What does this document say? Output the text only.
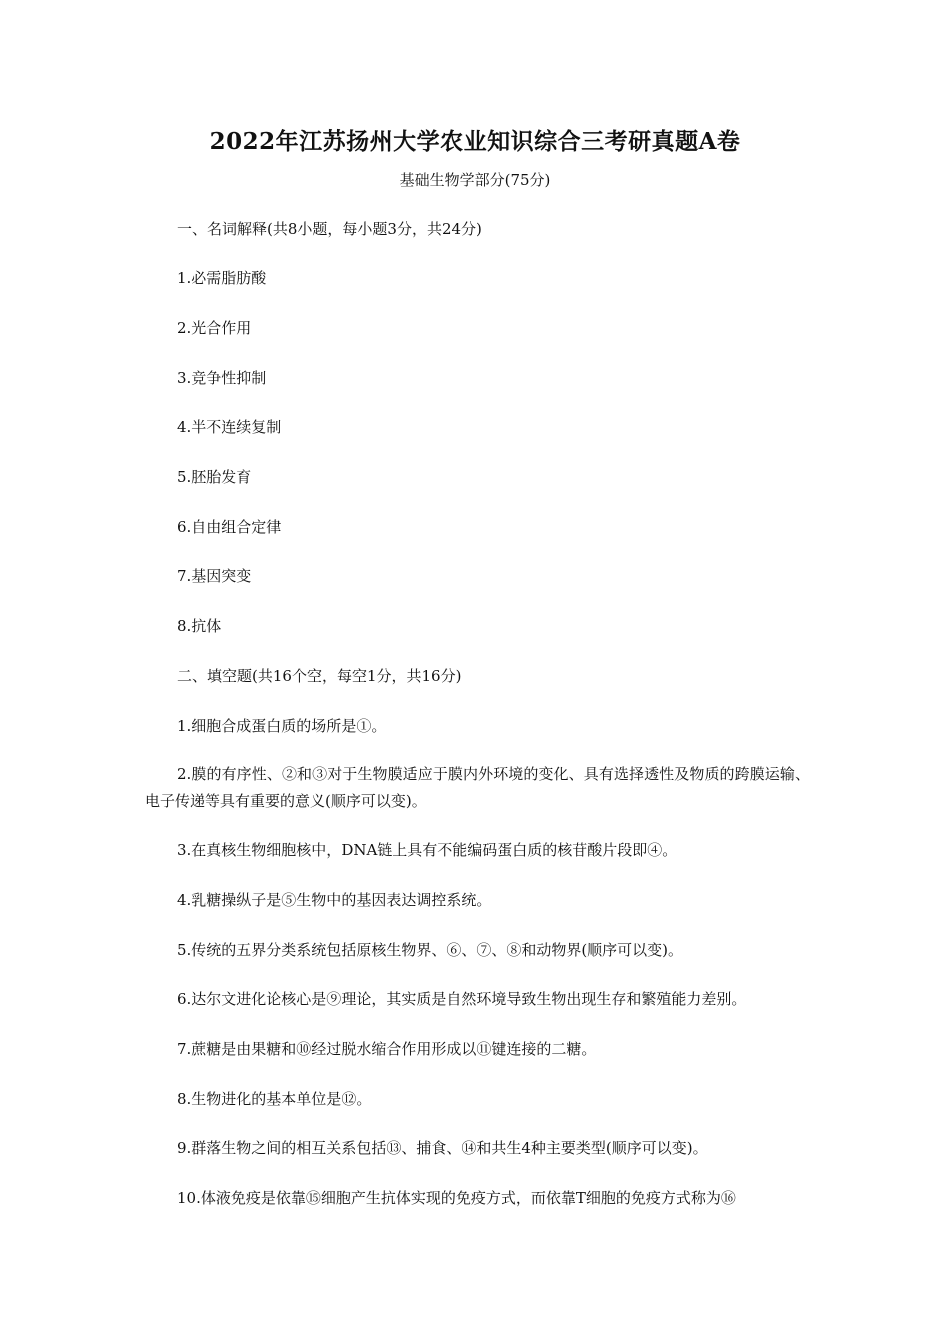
2022年江苏扬州大学农业知识综合三考研真题A卷
基础生物学部分(75分)
一、名词解释(共8小题，每小题3分，共24分)
1.必需脂肪酸
2.光合作用
3.竞争性抑制
4.半不连续复制
5.胚胎发育
6.自由组合定律
7.基因突变
8.抗体
二、填空题(共16个空，每空1分，共16分)
1.细胞合成蛋白质的场所是①。
2.膜的有序性、②和③对于生物膜适应于膜内外环境的变化、具有选择透性及物质的跨膜运输、电子传递等具有重要的意义(顺序可以变)。
3.在真核生物细胞核中，DNA链上具有不能编码蛋白质的核苷酸片段即④。
4.乳糖操纵子是⑤生物中的基因表达调控系统。
5.传统的五界分类系统包括原核生物界、⑥、⑦、⑧和动物界(顺序可以变)。
6.达尔文进化论核心是⑨理论，其实质是自然环境导致生物出现生存和繁殖能力差别。
7.蔗糖是由果糖和⑩经过脱水缩合作用形成以⑪键连接的二糖。
8.生物进化的基本单位是⑫。
9.群落生物之间的相互关系包括⑬、捕食、⑭和共生4种主要类型(顺序可以变)。
10.体液免疫是依靠⑮细胞产生抗体实现的免疫方式，而依靠T细胞的免疫方式称为⑯
